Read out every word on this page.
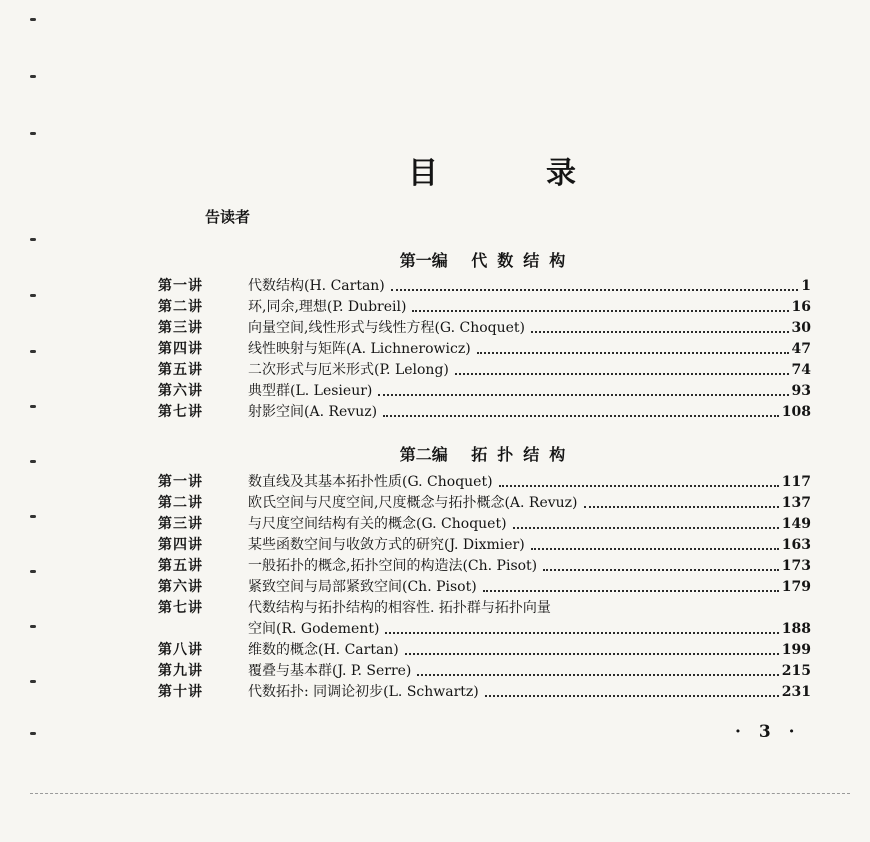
目	录
告读者
第一编 代数结构
第一讲	代数结构(H. Cartan)	1
第二讲	环,同余,理想(P. Dubreil)	16
第三讲	向量空间,线性形式与线性方程(G. Choquet)	30
第四讲	线性映射与矩阵(A. Lichnerowicz)	47
第五讲	二次形式与厄米形式(P. Lelong)	74
第六讲	典型群(L. Lesieur)	93
第七讲	射影空间(A. Revuz)	108
第二编 拓扑结构
第一讲	数直线及其基本拓扑性质(G. Choquet)	117
第二讲	欧氏空间与尺度空间,尺度概念与拓扑概念(A. Revuz)	137
第三讲	与尺度空间结构有关的概念(G. Choquet)	149
第四讲	某些函数空间与收敛方式的研究(J. Dixmier)	163
第五讲	一般拓扑的概念,拓扑空间的构造法(Ch. Pisot)	173
第六讲	紧致空间与局部紧致空间(Ch. Pisot)	179
第七讲	代数结构与拓扑结构的相容性. 拓扑群与拓扑向量
空间(R. Godement)	188
第八讲	维数的概念(H. Cartan)	199
第九讲	覆叠与基本群(J. P. Serre)	215
第十讲	代数拓扑: 同调论初步(L. Schwartz)	231
· 3 ·
